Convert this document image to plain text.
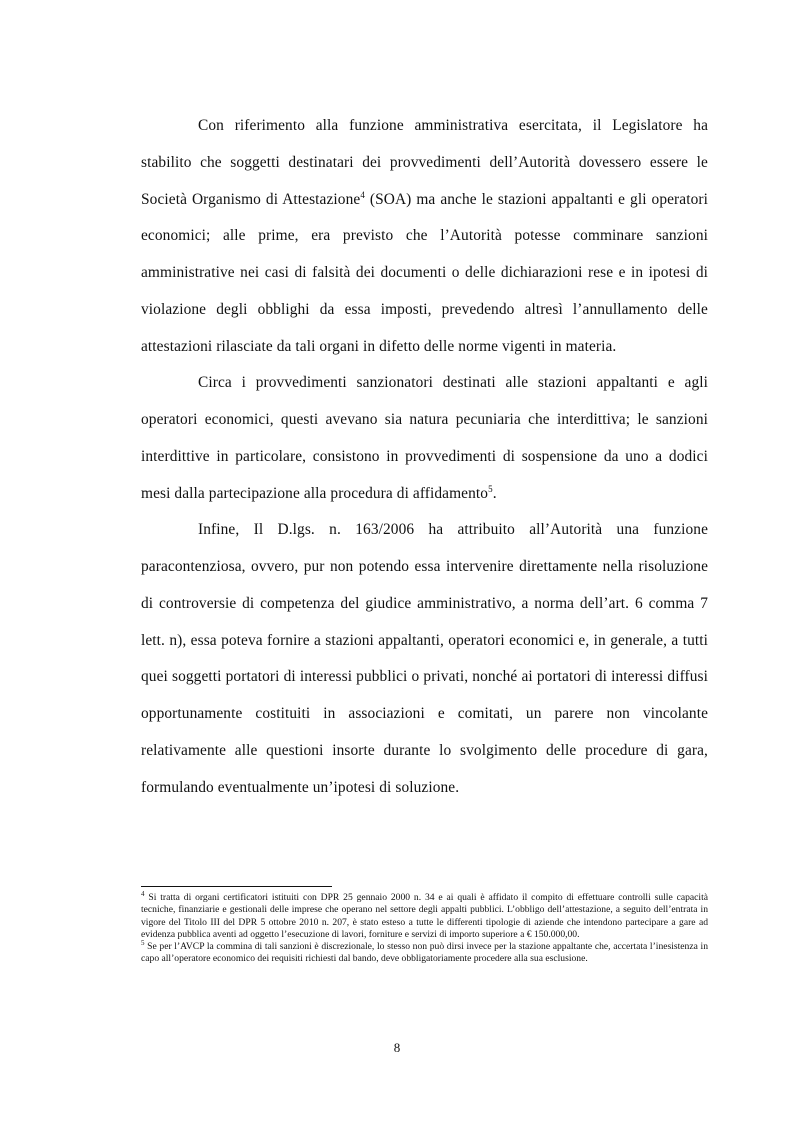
Con riferimento alla funzione amministrativa esercitata, il Legislatore ha stabilito che soggetti destinatari dei provvedimenti dell’Autorità dovessero essere le Società Organismo di Attestazione$^4$ (SOA) ma anche le stazioni appaltanti e gli operatori economici; alle prime, era previsto che l’Autorità potesse comminare sanzioni amministrative nei casi di falsità dei documenti o delle dichiarazioni rese e in ipotesi di violazione degli obblighi da essa imposti, prevedendo altresì l’annullamento delle attestazioni rilasciate da tali organi in difetto delle norme vigenti in materia.

Circa i provvedimenti sanzionatori destinati alle stazioni appaltanti e agli operatori economici, questi avevano sia natura pecuniaria che interdittiva; le sanzioni interdittive in particolare, consistono in provvedimenti di sospensione da uno a dodici mesi dalla partecipazione alla procedura di affidamento$^5$.

Infine, Il D.lgs. n. 163/2006 ha attribuito all’Autorità una funzione paracontenziosa, ovvero, pur non potendo essa intervenire direttamente nella risoluzione di controversie di competenza del giudice amministrativo, a norma dell’art. 6 comma 7 lett. n), essa poteva fornire a stazioni appaltanti, operatori economici e, in generale, a tutti quei soggetti portatori di interessi pubblici o privati, nonché ai portatori di interessi diffusi opportunamente costituiti in associazioni e comitati, un parere non vincolante relativamente alle questioni insorte durante lo svolgimento delle procedure di gara, formulando eventualmente un’ipotesi di soluzione.

$^4$ Si tratta di organi certificatori istituiti con DPR 25 gennaio 2000 n. 34 e ai quali è affidato il compito di effettuare controlli sulle capacità tecniche, finanziarie e gestionali delle imprese che operano nel settore degli appalti pubblici. L’obbligo dell’attestazione, a seguito dell’entrata in vigore del Titolo III del DPR 5 ottobre 2010 n. 207, è stato esteso a tutte le differenti tipologie di aziende che intendono partecipare a gare ad evidenza pubblica aventi ad oggetto l’esecuzione di lavori, forniture e servizi di importo superiore a € 150.000,00.

$^5$ Se per l’AVCP la commina di tali sanzioni è discrezionale, lo stesso non può dirsi invece per la stazione appaltante che, accertata l’inesistenza in capo all’operatore economico dei requisiti richiesti dal bando, deve obbligatoriamente procedere alla sua esclusione.

8
